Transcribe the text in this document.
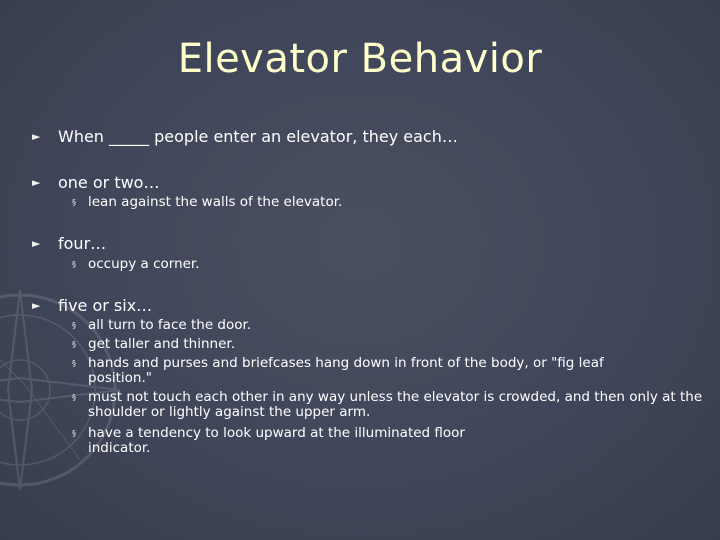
Elevator Behavior
►	When _____ people enter an elevator, they each…
►	one or two…
§ lean against the walls of the elevator.
►	four…
§ occupy a corner.
►	five or six…
§ all turn to face the door.
§ get taller and thinner.
§ hands and purses and briefcases hang down in front of the body, or "fig leaf position."
§ must not touch each other in any way unless the elevator is crowded, and then only at the shoulder or lightly against the upper arm.
§ have a tendency to look upward at the illuminated floor indicator.
